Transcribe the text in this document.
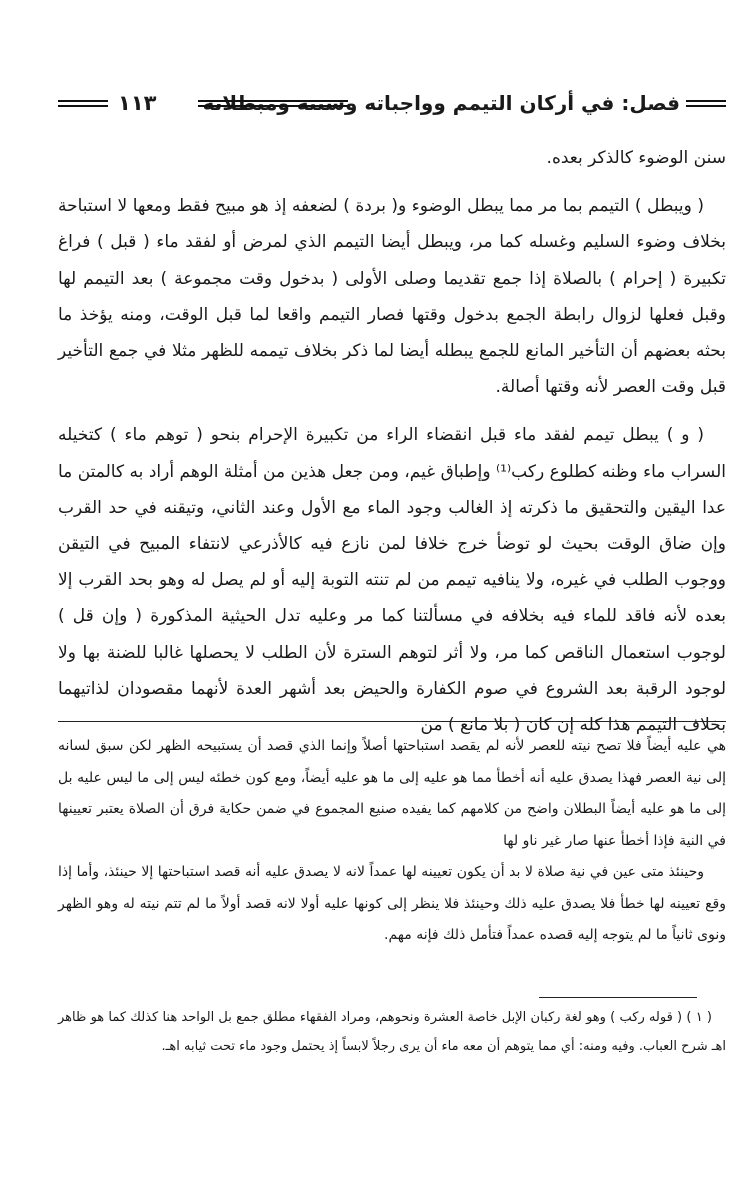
فصل: في أركان التيمم وواجباته وسننه ومبطلاته
١١٣

سنن الوضوء كالذكر بعده.

( ويبطل ) التيمم بما مر مما يبطل الوضوء و( بردة ) لضعفه إذ هو مبيح فقط ومعها لا استباحة بخلاف وضوء السليم وغسله كما مر، ويبطل أيضا التيمم الذي لمرض أو لفقد ماء ( قبل ) فراغ تكبيرة ( إحرام ) بالصلاة إذا جمع تقديما وصلى الأولى ( بدخول وقت مجموعة ) بعد التيمم لها وقبل فعلها لزوال رابطة الجمع بدخول وقتها فصار التيمم واقعا لما قبل الوقت، ومنه يؤخذ ما بحثه بعضهم أن التأخير المانع للجمع يبطله أيضا لما ذكر بخلاف تيممه للظهر مثلا في جمع التأخير قبل وقت العصر لأنه وقتها أصالة.

( و ) يبطل تيمم لفقد ماء قبل انقضاء الراء من تكبيرة الإحرام بنحو ( توهم ماء ) كتخيله السراب ماء وظنه كطلوع ركب⁽¹⁾ وإطباق غيم، ومن جعل هذين من أمثلة الوهم أراد به كالمتن ما عدا اليقين والتحقيق ما ذكرته إذ الغالب وجود الماء مع الأول وعند الثاني، وتيقنه في حد القرب وإن ضاق الوقت بحيث لو توضأ خرج خلافا لمن نازع فيه كالأذرعي لانتفاء المبيح في التيقن ووجوب الطلب في غيره، ولا ينافيه تيمم من لم تنته التوبة إليه أو لم يصل له وهو بحد القرب إلا بعده لأنه فاقد للماء فيه بخلافه في مسألتنا كما مر وعليه تدل الحيثية المذكورة ( وإن قل ) لوجوب استعمال الناقص كما مر، ولا أثر لتوهم السترة لأن الطلب لا يحصلها غالبا للضنة بها ولا لوجود الرقبة بعد الشروع في صوم الكفارة والحيض بعد أشهر العدة لأنهما مقصودان لذاتيهما بخلاف التيمم هذا كله إن كان ( بلا مانع ) من

هي عليه أيضاً فلا تصح نيته للعصر لأنه لم يقصد استباحتها أصلاً وإنما الذي قصد أن يستبيحه الظهر لكن سبق لسانه إلى نية العصر فهذا يصدق عليه أنه أخطأ مما هو عليه إلى ما هو عليه أيضاً، ومع كون خطئه ليس إلى ما ليس عليه بل إلى ما هو عليه أيضاً البطلان واضح من كلامهم كما يفيده صنيع المجموع في ضمن حكاية فرق أن الصلاة يعتبر تعيينها في النية فإذا أخطأ عنها صار غير ناو لها

وحينئذ متى عين في نية صلاة لا بد أن يكون تعيينه لها عمداً لانه لا يصدق عليه أنه قصد استباحتها إلا حينئذ، وأما إذا وقع تعيينه لها خطأ فلا يصدق عليه ذلك وحينئذ فلا ينظر إلى كونها عليه أولا لانه قصد أولاً ما لم تتم نيته له وهو الظهر ونوى ثانياً ما لم يتوجه إليه قصده عمداً فتأمل ذلك فإنه مهم.

( ١ ) ( قوله ركب ) وهو لغة ركبان الإبل خاصة العشرة ونحوهم، ومراد الفقهاء مطلق جمع بل الواحد هنا كذلك كما هو ظاهر اهـ شرح العباب. وفيه ومنه: أي مما يتوهم أن معه ماء أن يرى رجلاً لابساً إذ يحتمل وجود ماء تحت ثيابه اهـ.
